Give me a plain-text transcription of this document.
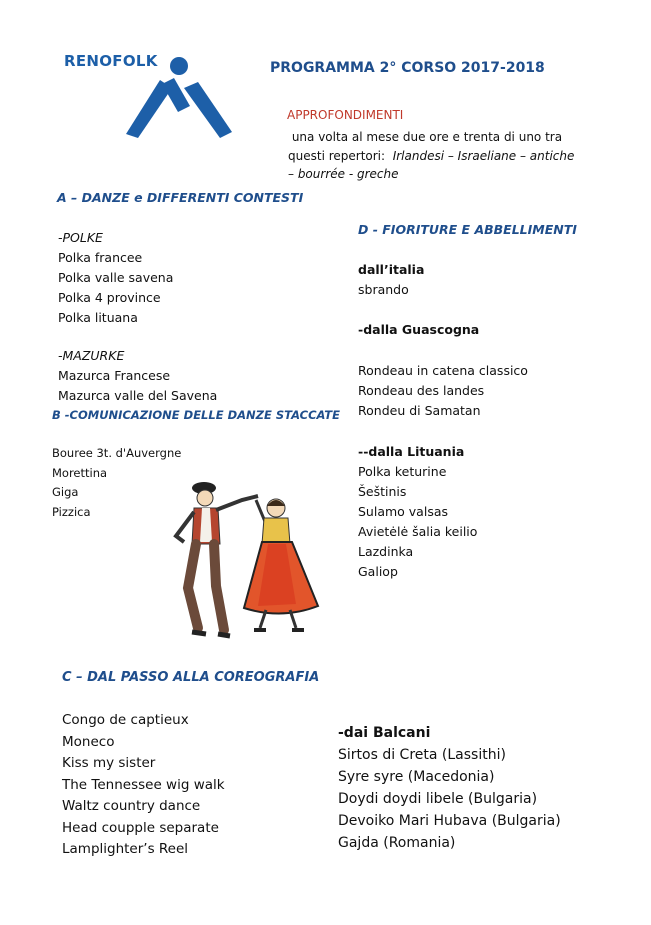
RENOFOLK	PROGRAMMA 2° CORSO 2017-2018
APPROFONDIMENTI
una volta al mese due ore e trenta di uno tra
questi repertori: Irlandesi – Israeliane – antiche
– bourrée - greche
A – DANZE e DIFFERENTI CONTESTI
-POLKE
Polka francee
Polka valle savena
Polka 4 province
Polka lituana
-MAZURKE
Mazurca Francese
Mazurca valle del Savena
B -COMUNICAZIONE DELLE DANZE STACCATE
Bouree 3t. d'Auvergne
Morettina
Giga
Pizzica
C – DAL PASSO ALLA COREOGRAFIA
Congo de captieux
Moneco
Kiss my sister
The Tennessee wig walk
Waltz country dance
Head coupple separate
Lamplighter’s Reel
D - FIORITURE E ABBELLIMENTI
dall’italia
sbrando
-dalla Guascogna
Rondeau in catena classico
Rondeau des landes
Rondeu di Samatan
--dalla Lituania
Polka keturine
Šeštinis
Sulamo valsas
Avietėlė šalia keilio
Lazdinka
Galiop
-dai Balcani
Sirtos di Creta (Lassithi)
Syre syre (Macedonia)
Doydi doydi libele (Bulgaria)
Devoiko Mari Hubava (Bulgaria)
Gajda (Romania)
